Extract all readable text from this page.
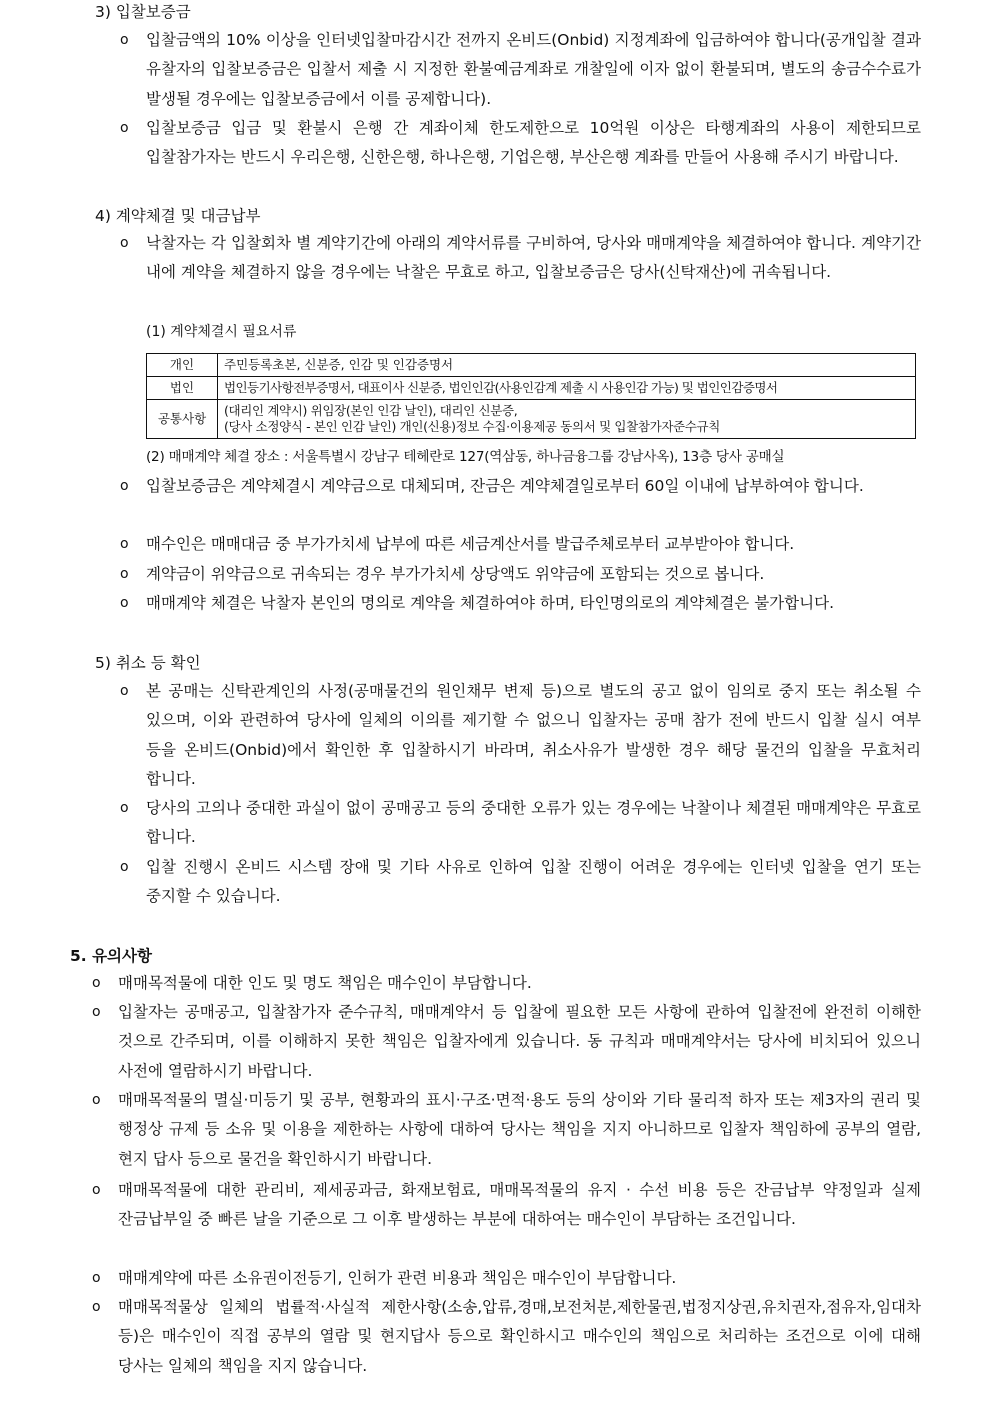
3) 입찰보증금
o 입찰금액의 10% 이상을 인터넷입찰마감시간 전까지 온비드(Onbid) 지정계좌에 입금하여야 합니다(공개입찰 결과 유찰자의 입찰보증금은 입찰서 제출 시 지정한 환불예금계좌로 개찰일에 이자 없이 환불되며, 별도의 송금수수료가 발생될 경우에는 입찰보증금에서 이를 공제합니다).
o 입찰보증금 입금 및 환불시 은행 간 계좌이체 한도제한으로 10억원 이상은 타행계좌의 사용이 제한되므로 입찰참가자는 반드시 우리은행, 신한은행, 하나은행, 기업은행, 부산은행 계좌를 만들어 사용해 주시기 바랍니다.
4) 계약체결 및 대금납부
o 낙찰자는 각 입찰회차 별 계약기간에 아래의 계약서류를 구비하여, 당사와 매매계약을 체결하여야 합니다. 계약기간 내에 계약을 체결하지 않을 경우에는 낙찰은 무효로 하고, 입찰보증금은 당사(신탁재산)에 귀속됩니다.
(1) 계약체결시 필요서류
개인	주민등록초본, 신분증, 인감 및 인감증명서

법인	법인등기사항전부증명서, 대표이사 신분증, 법인인감(사용인감계 제출 시 사용인감 가능) 및 법인인감증명서

공통사항	(대리인 계약시) 위임장(본인 인감 날인), 대리인 신분증,
(당사 소정양식 - 본인 인감 날인) 개인(신용)정보 수집·이용제공 동의서 및 입찰참가자준수규칙
(2) 매매계약 체결 장소 : 서울특별시 강남구 테헤란로 127(역삼동, 하나금융그룹 강남사옥), 13층 당사 공매실
o 입찰보증금은 계약체결시 계약금으로 대체되며, 잔금은 계약체결일로부터 60일 이내에 납부하여야 합니다.
o 매수인은 매매대금 중 부가가치세 납부에 따른 세금계산서를 발급주체로부터 교부받아야 합니다.
o 계약금이 위약금으로 귀속되는 경우 부가가치세 상당액도 위약금에 포함되는 것으로 봅니다.
o 매매계약 체결은 낙찰자 본인의 명의로 계약을 체결하여야 하며, 타인명의로의 계약체결은 불가합니다.
5) 취소 등 확인
o 본 공매는 신탁관계인의 사정(공매물건의 원인채무 변제 등)으로 별도의 공고 없이 임의로 중지 또는 취소될 수 있으며, 이와 관련하여 당사에 일체의 이의를 제기할 수 없으니 입찰자는 공매 참가 전에 반드시 입찰 실시 여부 등을 온비드(Onbid)에서 확인한 후 입찰하시기 바라며, 취소사유가 발생한 경우 해당 물건의 입찰을 무효처리 합니다.
o 당사의 고의나 중대한 과실이 없이 공매공고 등의 중대한 오류가 있는 경우에는 낙찰이나 체결된 매매계약은 무효로 합니다.
o 입찰 진행시 온비드 시스템 장애 및 기타 사유로 인하여 입찰 진행이 어려운 경우에는 인터넷 입찰을 연기 또는 중지할 수 있습니다.
5. 유의사항
o 매매목적물에 대한 인도 및 명도 책임은 매수인이 부담합니다.
o 입찰자는 공매공고, 입찰참가자 준수규칙, 매매계약서 등 입찰에 필요한 모든 사항에 관하여 입찰전에 완전히 이해한 것으로 간주되며, 이를 이해하지 못한 책임은 입찰자에게 있습니다. 동 규칙과 매매계약서는 당사에 비치되어 있으니 사전에 열람하시기 바랍니다.
o 매매목적물의 멸실·미등기 및 공부, 현황과의 표시·구조·면적·용도 등의 상이와 기타 물리적 하자 또는 제3자의 권리 및 행정상 규제 등 소유 및 이용을 제한하는 사항에 대하여 당사는 책임을 지지 아니하므로 입찰자 책임하에 공부의 열람, 현지 답사 등으로 물건을 확인하시기 바랍니다.
o 매매목적물에 대한 관리비, 제세공과금, 화재보험료, 매매목적물의 유지 · 수선 비용 등은 잔금납부 약정일과 실제 잔금납부일 중 빠른 날을 기준으로 그 이후 발생하는 부분에 대하여는 매수인이 부담하는 조건입니다.
o 매매계약에 따른 소유권이전등기, 인허가 관련 비용과 책임은 매수인이 부담합니다.
o 매매목적물상 일체의 법률적·사실적 제한사항(소송,압류,경매,보전처분,제한물권,법정지상권,유치권자,점유자,임대차 등)은 매수인이 직접 공부의 열람 및 현지답사 등으로 확인하시고 매수인의 책임으로 처리하는 조건으로 이에 대해 당사는 일체의 책임을 지지 않습니다.
